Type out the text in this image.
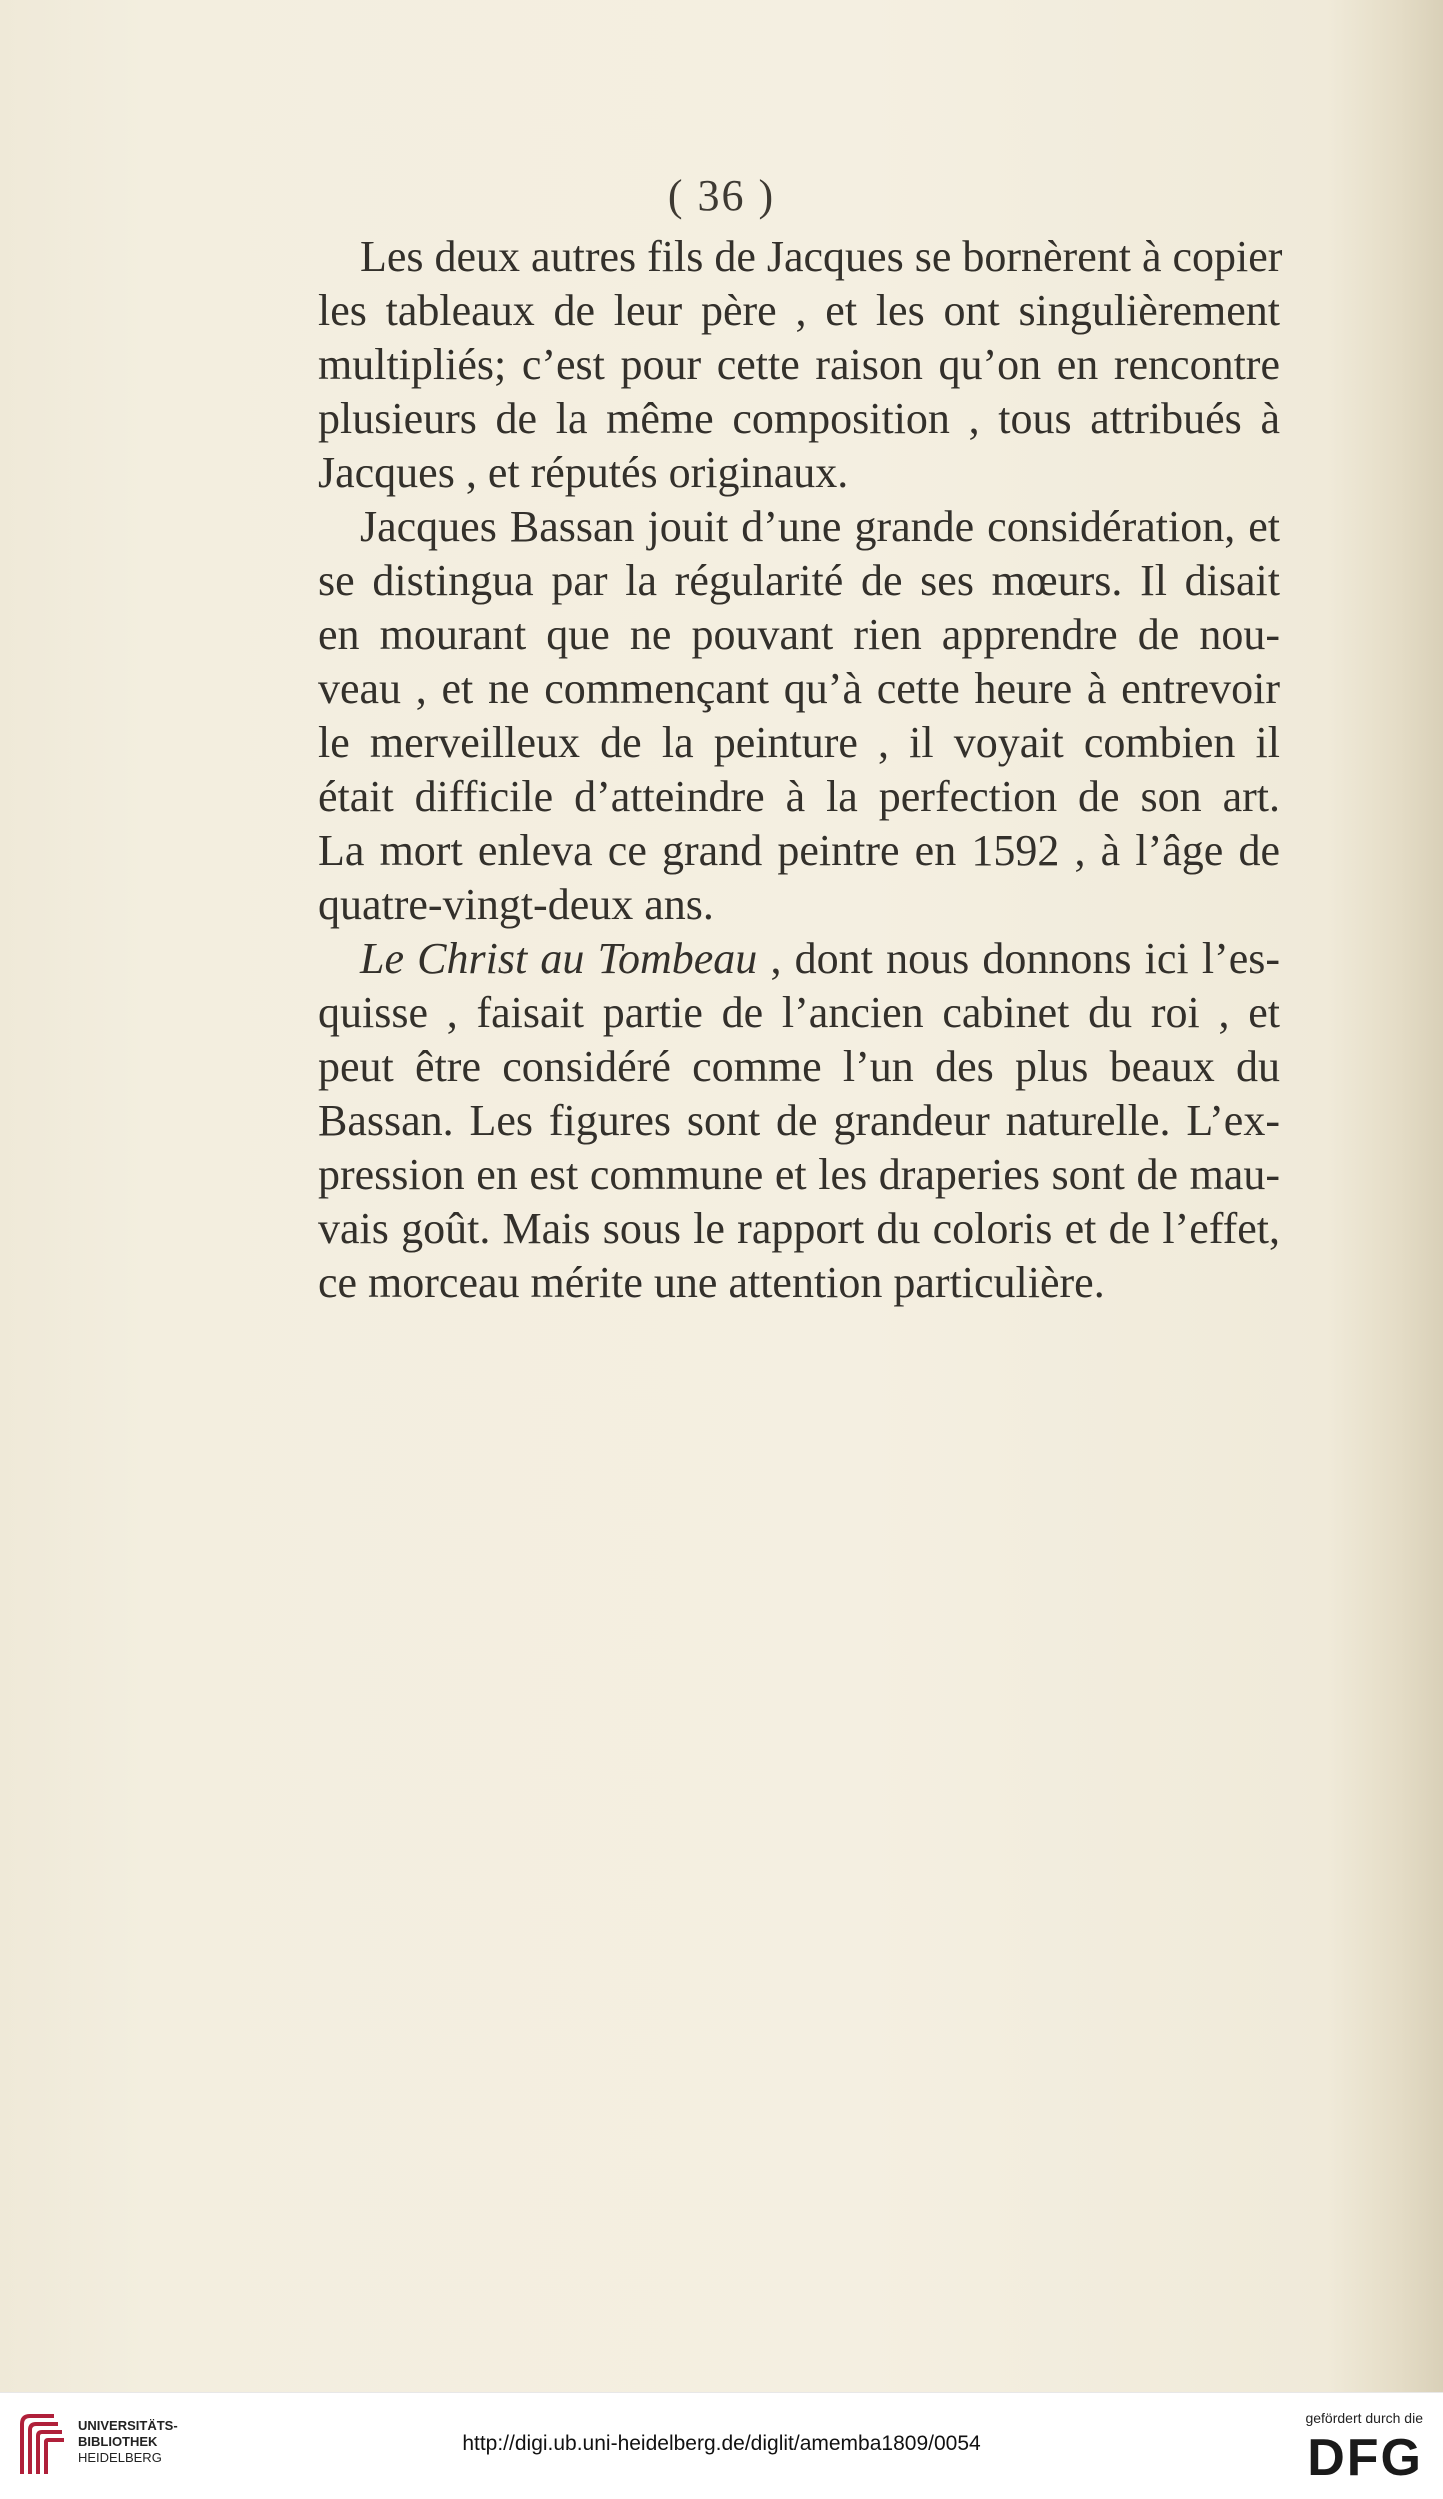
( 36 )
Les deux autres fils de Jacques se bornèrent à copier
les tableaux de leur père , et les ont singulièrement
multipliés; c’est pour cette raison qu’on en rencontre
plusieurs de la même composition , tous attribués à
Jacques , et réputés originaux.
Jacques Bassan jouit d’une grande considération, et
se distingua par la régularité de ses mœurs. Il disait
en mourant que ne pouvant rien apprendre de nou-
veau , et ne commençant qu’à cette heure à entrevoir
le merveilleux de la peinture , il voyait combien il
était difficile d’atteindre à la perfection de son art.
La mort enleva ce grand peintre en 1592 , à l’âge de
quatre-vingt-deux ans.
Le Christ au Tombeau , dont nous donnons ici l’es-
quisse , faisait partie de l’ancien cabinet du roi , et
peut être considéré comme l’un des plus beaux du
Bassan. Les figures sont de grandeur naturelle. L’ex-
pression en est commune et les draperies sont de mau-
vais goût. Mais sous le rapport du coloris et de l’effet,
ce morceau mérite une attention particulière.
UNIVERSITÄTS-
BIBLIOTHEK
HEIDELBERG
http://digi.ub.uni-heidelberg.de/diglit/amemba1809/0054
gefördert durch die
DFG
